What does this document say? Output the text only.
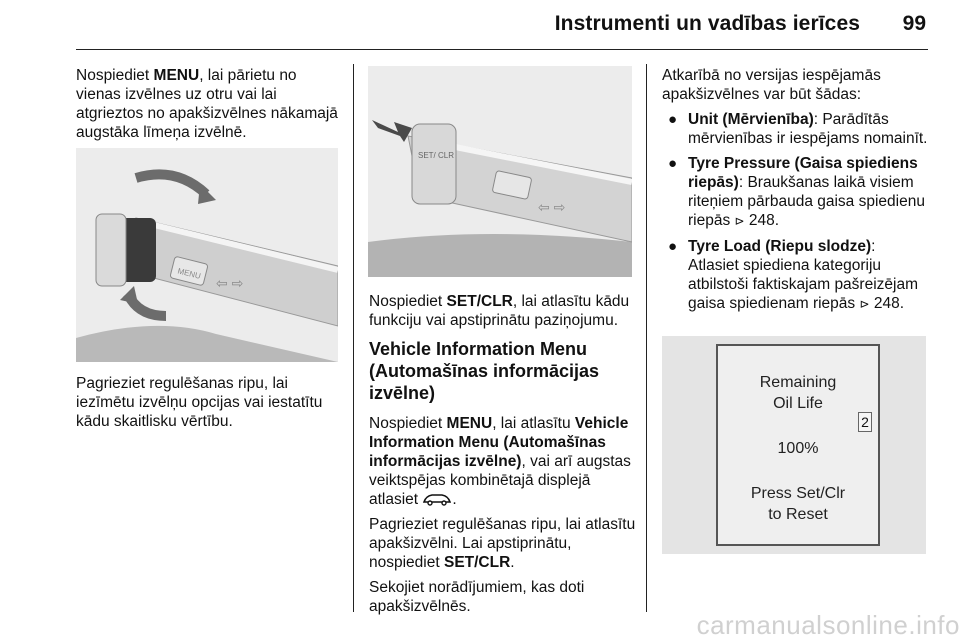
Instrumenti un vadības ierīces	99

Nospiediet MENU, lai pārietu no vienas izvēlnes uz otru vai lai atgrieztos no apakšizvēlnes nākamajā augstāka līmeņa izvēlnē.

MENU
⇦ ⇨

Pagrieziet regulēšanas ripu, lai iezīmētu izvēlņu opcijas vai iestatītu kādu skaitlisku vērtību.

SET/ CLR
⇦ ⇨

Nospiediet SET/CLR, lai atlasītu kādu funkciju vai apstiprinātu paziņojumu.

Vehicle Information Menu (Automašīnas informācijas izvēlne)

Nospiediet MENU, lai atlasītu Vehicle Information Menu (Automašīnas informācijas izvēlne), vai arī augstas veiktspējas kombinētajā displejā atlasiet .

Pagrieziet regulēšanas ripu, lai atlasītu apakšizvēlni. Lai apstiprinātu, nospiediet SET/CLR.

Sekojiet norādījumiem, kas doti apakšizvēlnēs.

Atkarībā no versijas iespējamās apakšizvēlnes var būt šādas:

● Unit (Mērvienība): Parādītās mērvienības ir iespējams nomainīt.
● Tyre Pressure (Gaisa spiediens riepās): Braukšanas laikā visiem riteņiem pārbauda gaisa spiedienu riepās ⊳ 248.
● Tyre Load (Riepu slodze): Atlasiet spiediena kategoriju atbilstoši faktiskajam pašreizējam gaisa spiedienam riepās ⊳ 248.
Remaining
Oil Life
100%
Press Set/Clr
to Reset
2
carmanualsonline.info
